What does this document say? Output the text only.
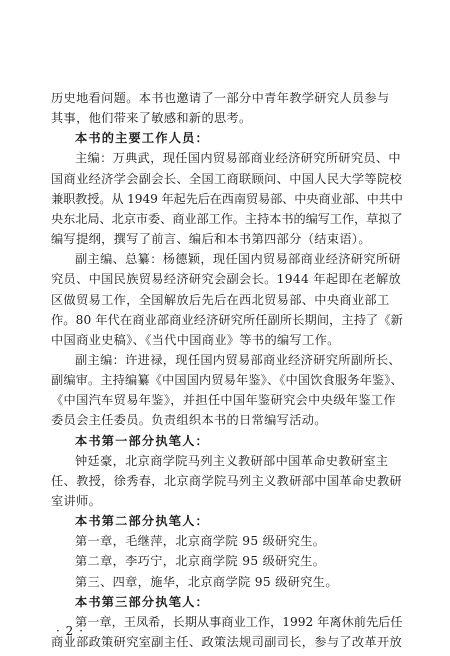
历史地看问题。本书也邀请了一部分中青年教学研究人员参与
其事，他们带来了敏感和新的思考。
本书的主要工作人员：
主编：万典武，现任国内贸易部商业经济研究所研究员、中
国商业经济学会副会长、全国工商联顾问、中国人民大学等院校
兼职教授。从 1949 年起先后在西南贸易部、中央商业部、中共中
央东北局、北京市委、商业部工作。主持本书的编写工作，草拟了
编写提纲，撰写了前言、编后和本书第四部分（结束语）。
副主编、总纂：杨德颖，现任国内贸易部商业经济研究所研
究员、中国民族贸易经济研究会副会长。1944 年起即在老解放
区做贸易工作，全国解放后先后在西北贸易部、中央商业部工
作。80 年代在商业部商业经济研究所任副所长期间，主持了《新
中国商业史稿》、《当代中国商业》等书的编写工作。
副主编：许进禄，现任国内贸易部商业经济研究所副所长、
副编审。主持编纂《中国国内贸易年鉴》、《中国饮食服务年鉴》、
《中国汽车贸易年鉴》，并担任中国年鉴研究会中央级年鉴工作
委员会主任委员。负责组织本书的日常编写活动。
本书第一部分执笔人：
钟廷豪，北京商学院马列主义教研部中国革命史教研室主
任、教授，徐秀春，北京商学院马列主义教研部中国革命史教研
室讲师。
本书第二部分执笔人：
第一章，毛继萍，北京商学院 95 级研究生。
第二章，李巧宁，北京商学院 95 级研究生。
第三、四章，施华，北京商学院 95 级研究生。
本书第三部分执笔人：
第一章，王凤希，长期从事商业工作，1992 年离休前先后任
商业部政策研究室副主任、政策法规司副司长，参与了改革开放
· 2 ·
